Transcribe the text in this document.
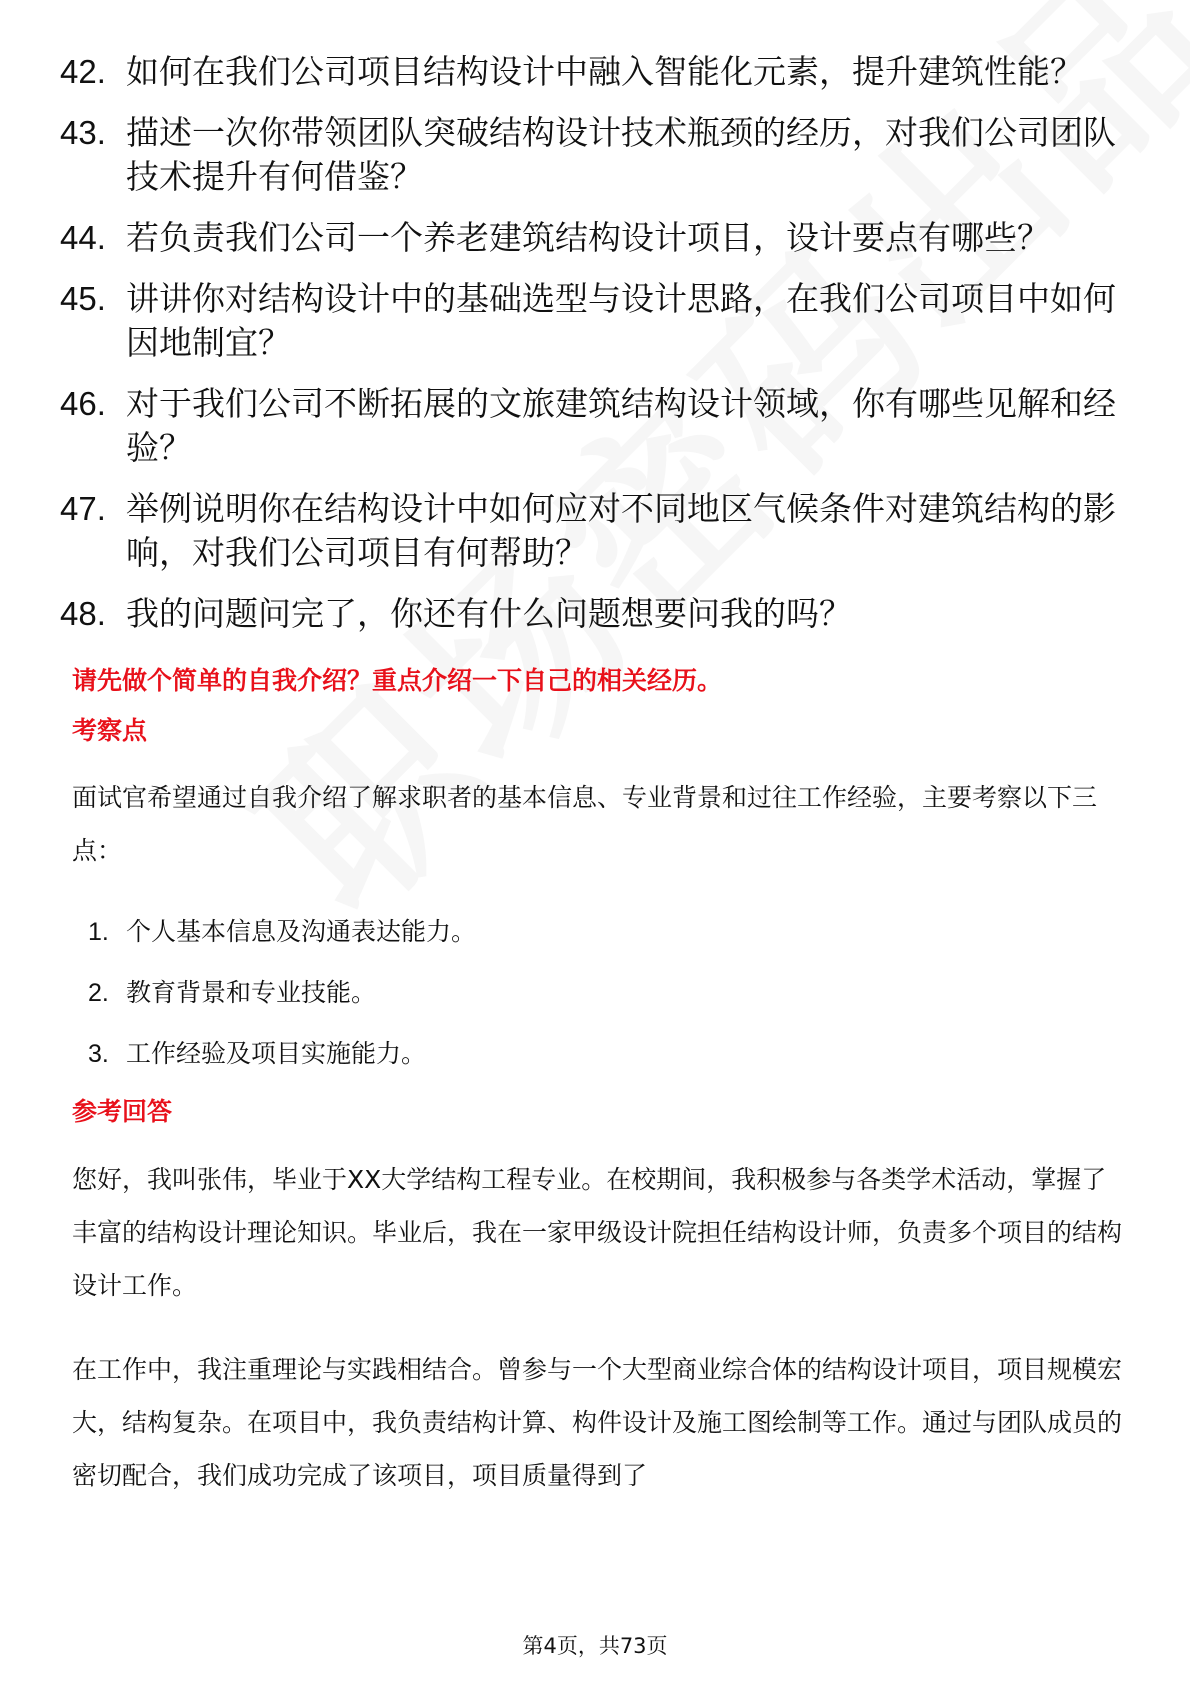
42. 如何在我们公司项目结构设计中融入智能化元素，提升建筑性能？
43. 描述一次你带领团队突破结构设计技术瓶颈的经历，对我们公司团队技术提升有何借鉴？
44. 若负责我们公司一个养老建筑结构设计项目，设计要点有哪些？
45. 讲讲你对结构设计中的基础选型与设计思路，在我们公司项目中如何因地制宜？
46. 对于我们公司不断拓展的文旅建筑结构设计领域，你有哪些见解和经验？
47. 举例说明你在结构设计中如何应对不同地区气候条件对建筑结构的影响，对我们公司项目有何帮助？
48. 我的问题问完了，你还有什么问题想要问我的吗？
请先做个简单的自我介绍？重点介绍一下自己的相关经历。
考察点
面试官希望通过自我介绍了解求职者的基本信息、专业背景和过往工作经验，主要考察以下三点：
1. 个人基本信息及沟通表达能力。
2. 教育背景和专业技能。
3. 工作经验及项目实施能力。
参考回答
您好，我叫张伟，毕业于XX大学结构工程专业。在校期间，我积极参与各类学术活动，掌握了丰富的结构设计理论知识。毕业后，我在一家甲级设计院担任结构设计师，负责多个项目的结构设计工作。
在工作中，我注重理论与实践相结合。曾参与一个大型商业综合体的结构设计项目，项目规模宏大，结构复杂。在项目中，我负责结构计算、构件设计及施工图绘制等工作。通过与团队成员的密切配合，我们成功完成了该项目，项目质量得到了
第4页，共73页
